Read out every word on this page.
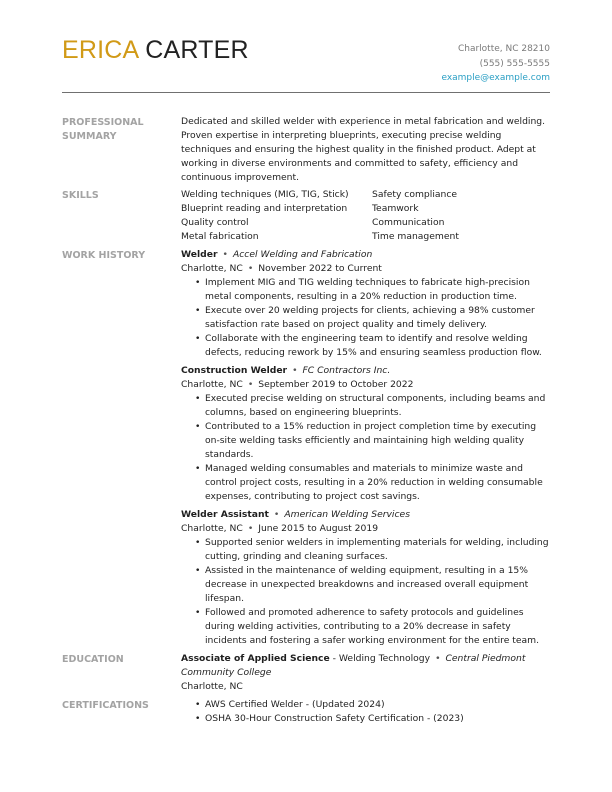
ERICA CARTER	Charlotte, NC 28210
(555) 555-5555
example@example.com
PROFESSIONAL
SUMMARY
Dedicated and skilled welder with experience in metal fabrication and welding. Proven expertise in interpreting blueprints, executing precise welding techniques and ensuring the highest quality in the finished product. Adept at working in diverse environments and committed to safety, efficiency and continuous improvement.
SKILLS	Welding techniques (MIG, TIG, Stick)
Blueprint reading and interpretation
Quality control
Metal fabrication
Safety compliance
Teamwork
Communication
Time management
WORK HISTORY	Welder • Accel Welding and Fabrication
Charlotte, NC • November 2022 to Current
• Implement MIG and TIG welding techniques to fabricate high-precision metal components, resulting in a 20% reduction in production time.
• Execute over 20 welding projects for clients, achieving a 98% customer satisfaction rate based on project quality and timely delivery.
• Collaborate with the engineering team to identify and resolve welding defects, reducing rework by 15% and ensuring seamless production flow.
Construction Welder • FC Contractors Inc.
Charlotte, NC • September 2019 to October 2022
• Executed precise welding on structural components, including beams and columns, based on engineering blueprints.
• Contributed to a 15% reduction in project completion time by executing on-site welding tasks efficiently and maintaining high welding quality standards.
• Managed welding consumables and materials to minimize waste and control project costs, resulting in a 20% reduction in welding consumable expenses, contributing to project cost savings.
Welder Assistant • American Welding Services
Charlotte, NC • June 2015 to August 2019
• Supported senior welders in implementing materials for welding, including cutting, grinding and cleaning surfaces.
• Assisted in the maintenance of welding equipment, resulting in a 15% decrease in unexpected breakdowns and increased overall equipment lifespan.
• Followed and promoted adherence to safety protocols and guidelines during welding activities, contributing to a 20% decrease in safety incidents and fostering a safer working environment for the entire team.
EDUCATION	Associate of Applied Science - Welding Technology • Central Piedmont Community College
Charlotte, NC
CERTIFICATIONS
•	AWS Certified Welder - (Updated 2024)
• OSHA 30-Hour Construction Safety Certification - (2023)
